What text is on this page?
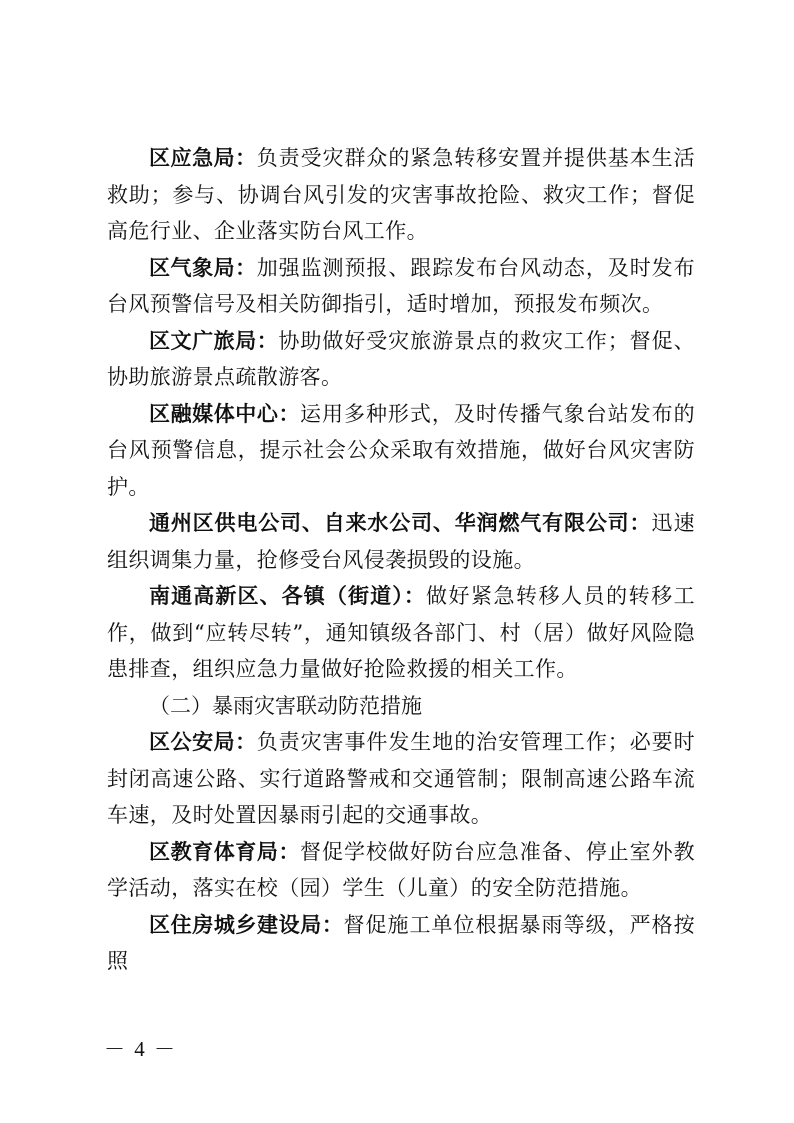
区应急局：负责受灾群众的紧急转移安置并提供基本生活救助；参与、协调台风引发的灾害事故抢险、救灾工作；督促高危行业、企业落实防台风工作。

区气象局：加强监测预报、跟踪发布台风动态，及时发布台风预警信号及相关防御指引，适时增加，预报发布频次。

区文广旅局：协助做好受灾旅游景点的救灾工作；督促、协助旅游景点疏散游客。

区融媒体中心：运用多种形式，及时传播气象台站发布的台风预警信息，提示社会公众采取有效措施，做好台风灾害防护。

通州区供电公司、自来水公司、华润燃气有限公司：迅速组织调集力量，抢修受台风侵袭损毁的设施。

南通高新区、各镇（街道）：做好紧急转移人员的转移工作，做到“应转尽转”，通知镇级各部门、村（居）做好风险隐患排查，组织应急力量做好抢险救援的相关工作。

（二）暴雨灾害联动防范措施

区公安局：负责灾害事件发生地的治安管理工作；必要时封闭高速公路、实行道路警戒和交通管制；限制高速公路车流车速，及时处置因暴雨引起的交通事故。

区教育体育局：督促学校做好防台应急准备、停止室外教学活动，落实在校（园）学生（儿童）的安全防范措施。

区住房城乡建设局：督促施工单位根据暴雨等级，严格按照

－ 4 －
